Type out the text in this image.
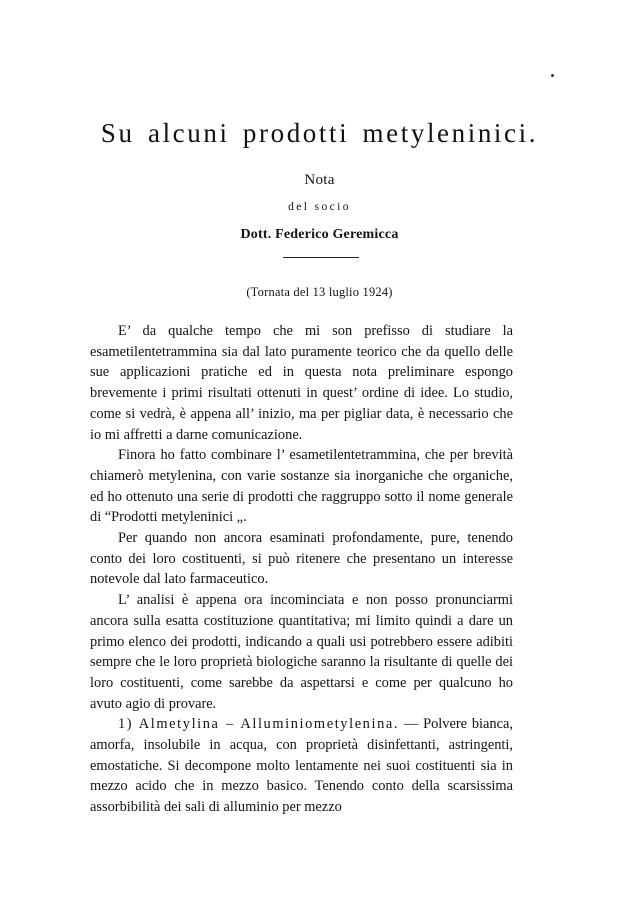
Su alcuni prodotti metyleninici.
Nota
del socio
Dott. Federico Geremicca
(Tornata del 13 luglio 1924)

E’ da qualche tempo che mi son prefisso di studiare la esametilentetrammina sia dal lato puramente teorico che da quello delle sue applicazioni pratiche ed in questa nota preliminare espongo brevemente i primi risultati ottenuti in quest’ ordine di idee. Lo studio, come si vedrà, è appena all’ inizio, ma per pigliar data, è necessario che io mi affretti a darne comunicazione.

Finora ho fatto combinare l’ esametilentetrammina, che per brevità chiamerò metylenina, con varie sostanze sia inorganiche che organiche, ed ho ottenuto una serie di prodotti che raggruppo sotto il nome generale di “Prodotti metyleninici „.

Per quando non ancora esaminati profondamente, pure, tenendo conto dei loro costituenti, si può ritenere che presentano un interesse notevole dal lato farmaceutico.

L’ analisi è appena ora incominciata e non posso pronunciarmi ancora sulla esatta costituzione quantitativa; mi limito quindi a dare un primo elenco dei prodotti, indicando a quali usi potrebbero essere adibiti sempre che le loro proprietà biologiche saranno la risultante di quelle dei loro costituenti, come sarebbe da aspettarsi e come per qualcuno ho avuto agio di provare.

1) Almetylina – Alluminiometylenina. — Polvere bianca, amorfa, insolubile in acqua, con proprietà disinfettanti, astringenti, emostatiche. Si decompone molto lentamente nei suoi costituenti sia in mezzo acido che in mezzo basico. Tenendo conto della scarsissima assorbibilità dei sali di alluminio per mezzo
